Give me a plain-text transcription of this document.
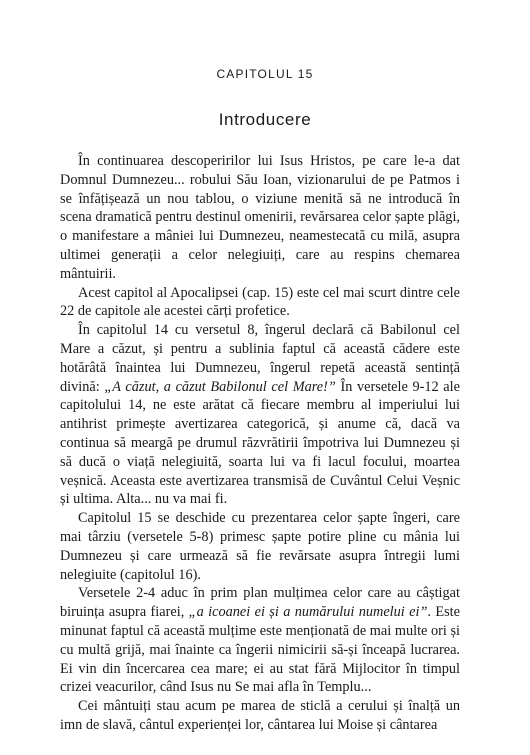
CAPITOLUL 15
Introducere

În continuarea descoperirilor lui Isus Hristos, pe care le-a dat Domnul Dumnezeu... robului Său Ioan, vizionarului de pe Patmos i se înfățișează un nou tablou, o viziune menită să ne introducă în scena dramatică pentru destinul omenirii, revărsarea celor șapte plăgi, o manifestare a mâniei lui Dumnezeu, neamestecată cu milă, asupra ultimei generații a celor nelegiuiți, care au respins chemarea mântuirii.

Acest capitol al Apocalipsei (cap. 15) este cel mai scurt dintre cele 22 de capitole ale acestei cărți profetice.

În capitolul 14 cu versetul 8, îngerul declară că Babilonul cel Mare a căzut, și pentru a sublinia faptul că această cădere este hotărâtă înaintea lui Dumnezeu, îngerul repetă această sentință divină: „A căzut, a căzut Babilonul cel Mare!” În versetele 9-12 ale capitolului 14, ne este arătat că fiecare membru al imperiului lui antihrist primește avertizarea categorică, și anume că, dacă va continua să meargă pe drumul răzvrătirii împotriva lui Dumnezeu și să ducă o viață nelegiuită, soarta lui va fi lacul focului, moartea veșnică. Aceasta este avertizarea transmisă de Cuvântul Celui Veșnic și ultima. Alta... nu va mai fi.

Capitolul 15 se deschide cu prezentarea celor șapte îngeri, care mai târziu (versetele 5-8) primesc șapte potire pline cu mânia lui Dumnezeu și care urmează să fie revărsate asupra întregii lumi nelegiuite (capitolul 16).

Versetele 2-4 aduc în prim plan mulțimea celor care au câștigat biruința asupra fiarei, „a icoanei ei și a numărului numelui ei”. Este minunat faptul că această mulțime este menționată de mai multe ori și cu multă grijă, mai înainte ca îngerii nimicirii să-și înceapă lucrarea. Ei vin din încercarea cea mare; ei au stat fără Mijlocitor în timpul crizei veacurilor, când Isus nu Se mai afla în Templu...

Cei mântuiți stau acum pe marea de sticlă a cerului și înalță un imn de slavă, cântul experienței lor, cântarea lui Moise și cântarea
